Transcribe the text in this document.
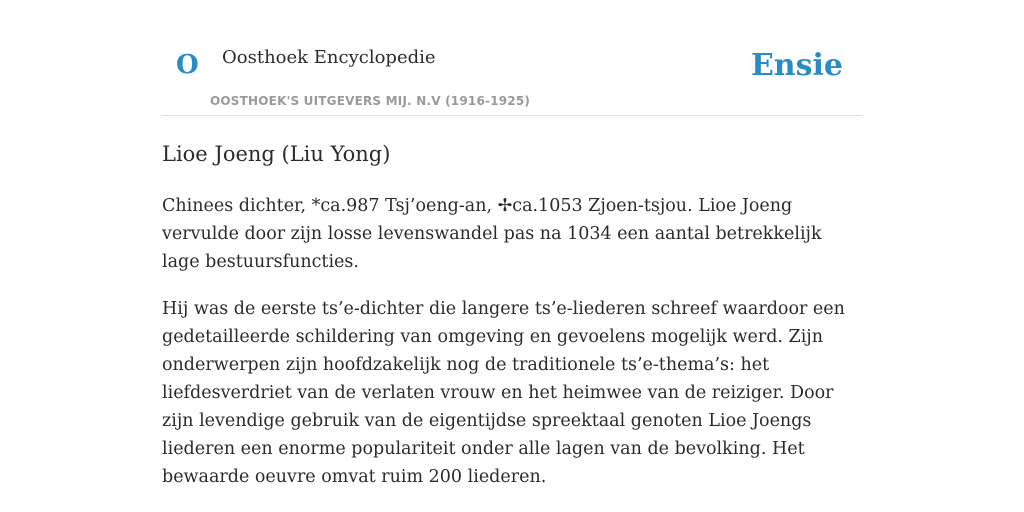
O Oosthoek Encyclopedie	Ensie
OOSTHOEK'S UITGEVERS MIJ. N.V (1916-1925)
Lioe Joeng (Liu Yong)

Chinees dichter, *ca.987 Tsj’oeng-an, ✢ca.1053 Zjoen-tsjou. Lioe Joeng vervulde door zijn losse levenswandel pas na 1034 een aantal betrekkelijk lage bestuursfuncties.

Hij was de eerste ts’e-dichter die langere ts’e-liederen schreef waardoor een gedetailleerde schildering van omgeving en gevoelens mogelijk werd. Zijn onderwerpen zijn hoofdzakelijk nog de traditionele ts’e-thema’s: het liefdesverdriet van de verlaten vrouw en het heimwee van de reiziger. Door zijn levendige gebruik van de eigentijdse spreektaal genoten Lioe Joengs liederen een enorme populariteit onder alle lagen van de bevolking. Het bewaarde oeuvre omvat ruim 200 liederen.
